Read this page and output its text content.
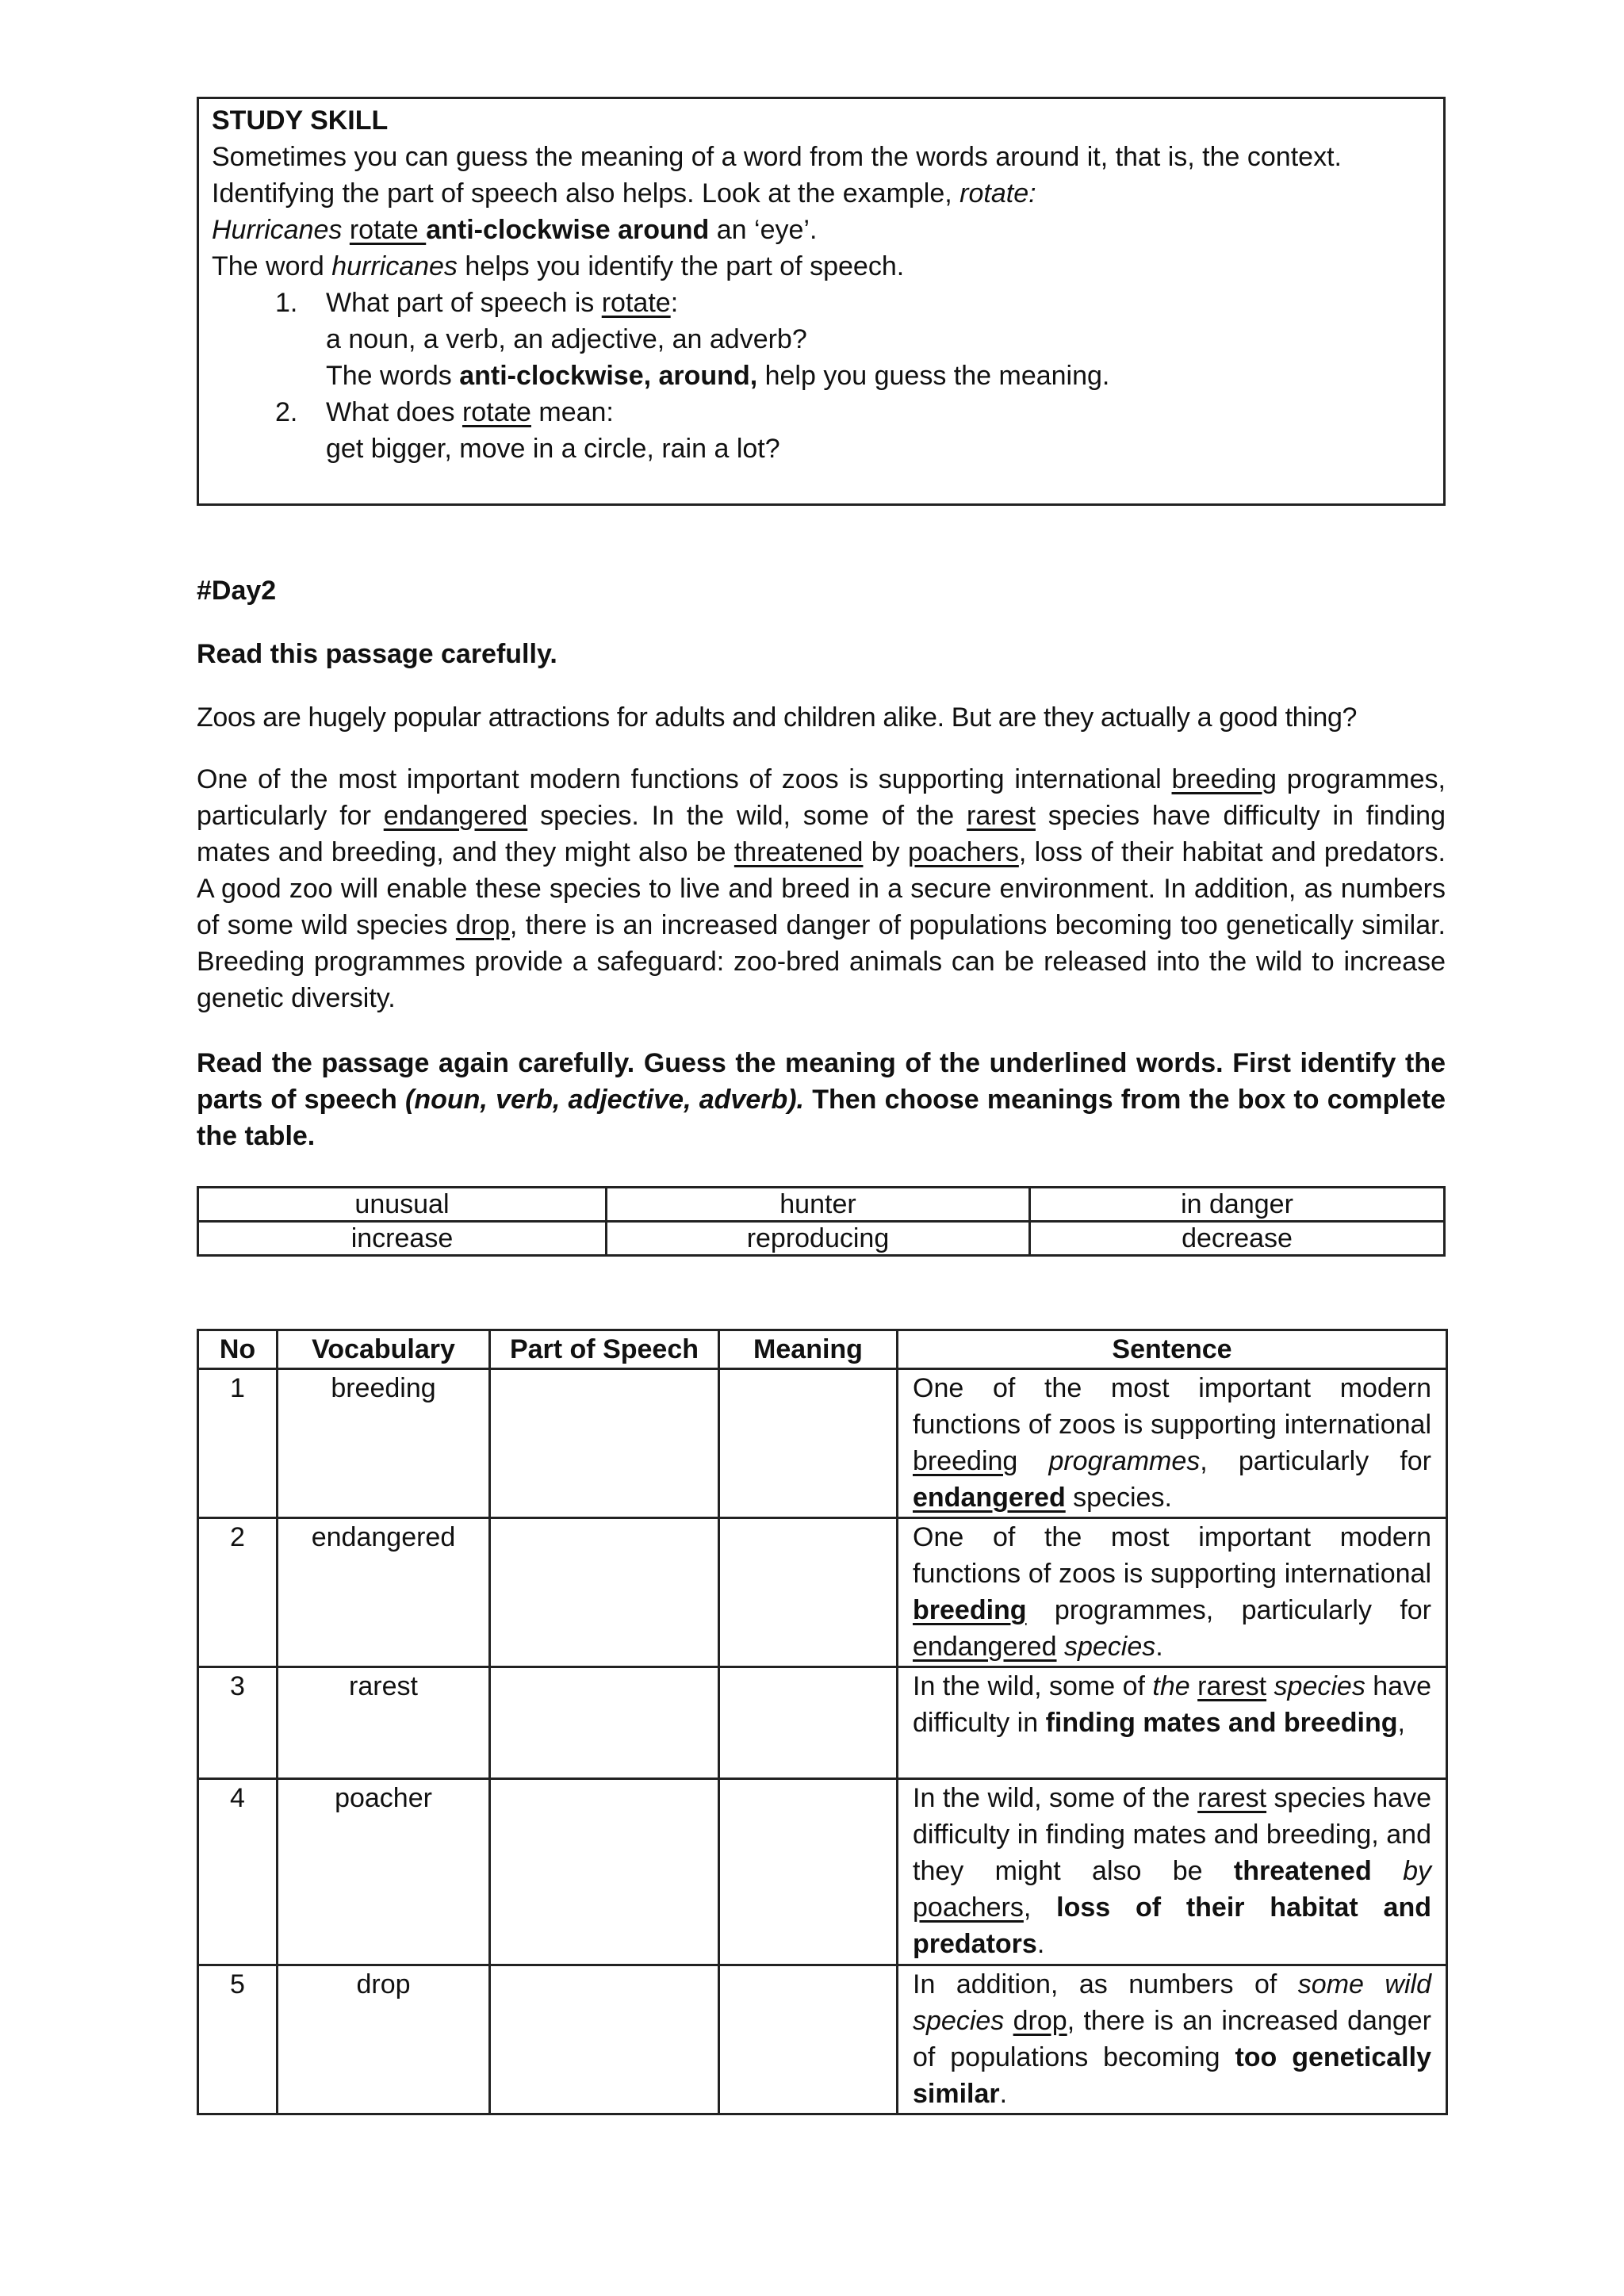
STUDY SKILL

Sometimes you can guess the meaning of a word from the words around it, that is, the context.

Identifying the part of speech also helps. Look at the example, rotate:

Hurricanes rotate anti-clockwise around an ‘eye’.

The word hurricanes helps you identify the part of speech.

1. What part of speech is rotate:
a noun, a verb, an adjective, an adverb?
The words anti-clockwise, around, help you guess the meaning.
2. What does rotate mean:
get bigger, move in a circle, rain a lot?

#Day2

Read this passage carefully.

Zoos are hugely popular attractions for adults and children alike. But are they actually a good thing?

One of the most important modern functions of zoos is supporting international breeding programmes, particularly for endangered species. In the wild, some of the rarest species have difficulty in finding mates and breeding, and they might also be threatened by poachers, loss of their habitat and predators. A good zoo will enable these species to live and breed in a secure environment. In addition, as numbers of some wild species drop, there is an increased danger of populations becoming too genetically similar. Breeding programmes provide a safeguard: zoo-bred animals can be released into the wild to increase genetic diversity.

Read the passage again carefully. Guess the meaning of the underlined words. First identify the parts of speech (noun, verb, adjective, adverb). Then choose meanings from the box to complete the table.

unusual	hunter	in danger
increase	reproducing	decrease
No	Vocabulary	Part of Speech	Meaning	Sentence
1	breeding			One of the most important modern functions of zoos is supporting international breeding programmes, particularly for endangered species.
2	endangered			One of the most important modern functions of zoos is supporting international breeding programmes, particularly for endangered species.
3	rarest			In the wild, some of the rarest species have difficulty in finding mates and breeding,
4	poacher			In the wild, some of the rarest species have difficulty in finding mates and breeding, and they might also be threatened by poachers, loss of their habitat and predators.
5	drop			In addition, as numbers of some wild species drop, there is an increased danger of populations becoming too genetically similar.
